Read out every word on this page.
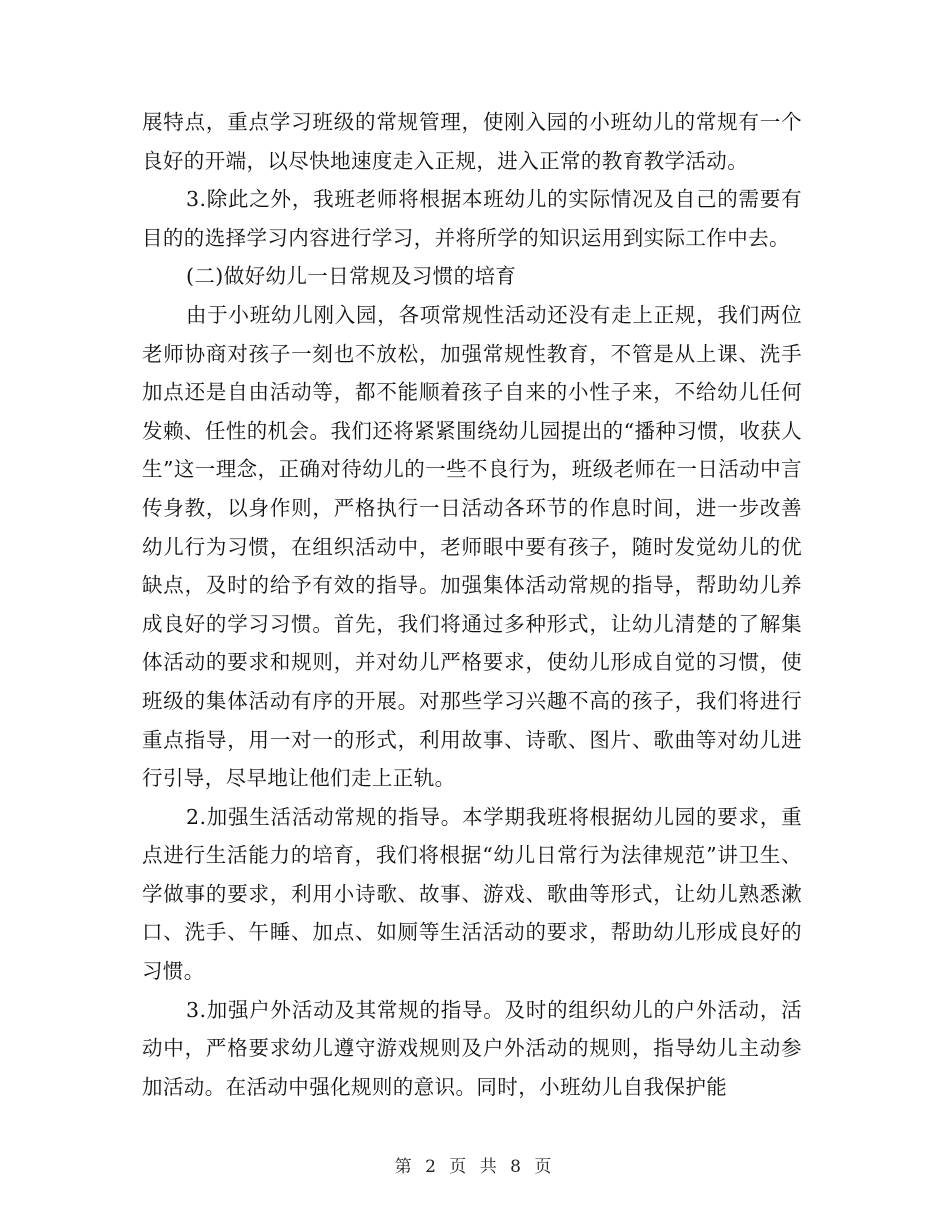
展特点，重点学习班级的常规管理，使刚入园的小班幼儿的常规有一个良好的开端，以尽快地速度走入正规，进入正常的教育教学活动。

3.除此之外，我班老师将根据本班幼儿的实际情况及自己的需要有目的的选择学习内容进行学习，并将所学的知识运用到实际工作中去。

(二)做好幼儿一日常规及习惯的培育

由于小班幼儿刚入园，各项常规性活动还没有走上正规，我们两位老师协商对孩子一刻也不放松，加强常规性教育，不管是从上课、洗手加点还是自由活动等，都不能顺着孩子自来的小性子来，不给幼儿任何发赖、任性的机会。我们还将紧紧围绕幼儿园提出的“播种习惯，收获人生”这一理念，正确对待幼儿的一些不良行为，班级老师在一日活动中言传身教，以身作则，严格执行一日活动各环节的作息时间，进一步改善幼儿行为习惯，在组织活动中，老师眼中要有孩子，随时发觉幼儿的优缺点，及时的给予有效的指导。加强集体活动常规的指导，帮助幼儿养成良好的学习习惯。首先，我们将通过多种形式，让幼儿清楚的了解集体活动的要求和规则，并对幼儿严格要求，使幼儿形成自觉的习惯，使班级的集体活动有序的开展。对那些学习兴趣不高的孩子，我们将进行重点指导，用一对一的形式，利用故事、诗歌、图片、歌曲等对幼儿进行引导，尽早地让他们走上正轨。

2.加强生活活动常规的指导。本学期我班将根据幼儿园的要求，重点进行生活能力的培育，我们将根据“幼儿日常行为法律规范”讲卫生、学做事的要求，利用小诗歌、故事、游戏、歌曲等形式，让幼儿熟悉漱口、洗手、午睡、加点、如厕等生活活动的要求，帮助幼儿形成良好的习惯。

3.加强户外活动及其常规的指导。及时的组织幼儿的户外活动，活动中，严格要求幼儿遵守游戏规则及户外活动的规则，指导幼儿主动参加活动。在活动中强化规则的意识。同时，小班幼儿自我保护能

第 2 页 共 8 页
